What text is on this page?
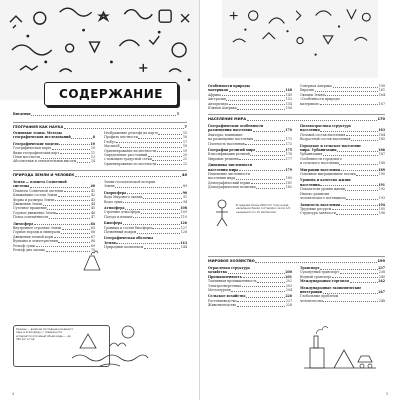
СОДЕРЖАНИЕ
Введение	5
ГЕОГРАФИЯ КАК НАУКА	7
Основные этапы. Методы
географических исследований	8
Географические модели	10
Географическая карта	10
Виды географических карт	11
План местности	13
Абсолютная и относительная высоты	14
Изображение рельефа на карте	15
Профиль местности	16
Глобус	17
Масштаб	18
Ориентирование на местности	19
Определение расстояний	20
с помощью градусной сетки	21
Ориентирование по местности	22
ПРИРОДА ЗЕМЛИ И ЧЕЛОВЕК	40
Земля — планета Солнечной
системы	40
Планеты Солнечной системы	41
Ближайшие соседи Земли	42
Форма и размеры Земли	43
Движения Земли	44
Суточное вращение	45
Годовое движение Земли	46
Пояса освещённости	47
Литосфера	64
Внутреннее строение Земли	65
Горные породы и минералы	66
Движения земной коры	67
Вулканы и землетрясения	68
Рельеф суши	69
Рельеф дна океана	70
Эпохи геологической истории
Земли	89
Гидросфера	90
Вода Мирового океана	91
Воды суши	94
Атмосфера	108
Строение атмосферы	109
Погода и климат	110
Биосфера	126
Границы и состав биосферы	127
Почвенный покров	128
Географическая оболочка
Земли	143
Природные комплексы	144
Океаны — великие поставщики водяного пара в атмосферу; с поверхности испаряется огромный объём воды — до 350 км³ в год.
4
Особенности природы
материков	148
Африка	149
Австралия	152
Антарктида	154
Южная Америка	156
Северная Америка	158
Евразия	161
Океаны Земли	164
«Особенности природы
материков»	167
НАСЕЛЕНИЕ МИРА	170
Географические особенности
размещения населения	170
Факторы, влияющие
на размещение населения	171
Плотность населения	172
География религий мира	175
Классификация религий	176
Мировые религии	177
Динамика численности
населения мира	179
Изменение численности
населения мира	180
Демографический взрыв	181
Демографическая политика	182
Половозрастная структура
населения	183
Половой состав населения	184
Возрастной состав населения	185
Городское и сельское население
мира. Урбанизация	186
Урбанизация	187
Особенности городского
и сельского населения	188
Миграции населения	189
Основные миграционные потоки	190
Уровень и качество жизни
населения	191
Показатели уровня жизни	192
Индекс развития
человеческого потенциала	193
Занятость населения	194
Трудовые ресурсы	195
Структура занятости	196
В среднем более 2000 лет тому назад население Земли составляло около 1/4 нынешнего по 15 миллионов.
МИРОВОЕ ХОЗЯЙСТВО	199
Отраслевая структура
хозяйства	200
Промышленность	201
Топливная промышленность	202
Электроэнергетика	203
Металлургия	204
Сельское хозяйство	226
Растениеводство	227
Животноводство	228
Транспорт	237
Сухопутный транспорт	238
Водный транспорт	240
Международная торговля	242
Международные экономические
интеграции	247
Глобальные проблемы
человечества	248
5
